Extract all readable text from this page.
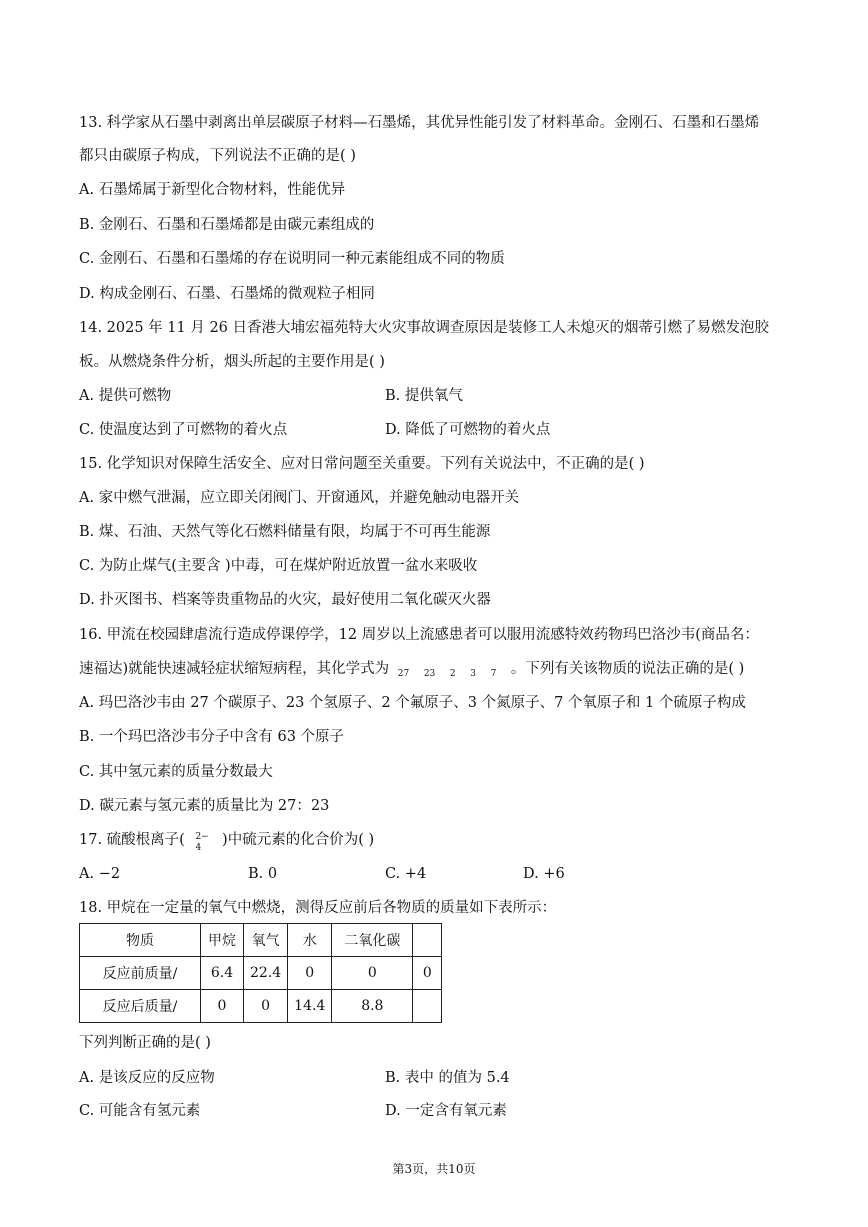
13. 科学家从石墨中剥离出单层碳原子材料—石墨烯，其优异性能引发了材料革命。金刚石、石墨和石墨烯
都只由碳原子构成，下列说法不正确的是( )
A. 石墨烯属于新型化合物材料，性能优异
B. 金刚石、石墨和石墨烯都是由碳元素组成的
C. 金刚石、石墨和石墨烯的存在说明同一种元素能组成不同的物质
D. 构成金刚石、石墨、石墨烯的微观粒子相同
14. 2025 年 11 月 26 日香港大埔宏福苑特大火灾事故调查原因是装修工人未熄灭的烟蒂引燃了易燃发泡胶
板。从燃烧条件分析，烟头所起的主要作用是( )
A. 提供可燃物	B. 提供氧气
C. 使温度达到了可燃物的着火点	D. 降低了可燃物的着火点
15. 化学知识对保障生活安全、应对日常问题至关重要。下列有关说法中，不正确的是( )
A. 家中燃气泄漏，应立即关闭阀门、开窗通风，并避免触动电器开关
B. 煤、石油、天然气等化石燃料储量有限，均属于不可再生能源
C. 为防止煤气(主要含 )中毒，可在煤炉附近放置一盆水来吸收
D. 扑灭图书、档案等贵重物品的火灾，最好使用二氧化碳灭火器
16. 甲流在校园肆虐流行造成停课停学，12 周岁以上流感患者可以服用流感特效药物玛巴洛沙韦(商品名：
速福达)就能快速减轻症状缩短病程，其化学式为 $_{27}$ $_{23}$ $_2$ $_3$ $_7$ 。下列有关该物质的说法正确的是( )
A. 玛巴洛沙韦由 27 个碳原子、23 个氢原子、2 个氟原子、3 个氮原子、7 个氧原子和 1 个硫原子构成
B. 一个玛巴洛沙韦分子中含有 63 个原子
C. 其中氢元素的质量分数最大
D. 碳元素与氢元素的质量比为 27：23
17. 硫酸根离子( 2−
4 )中硫元素的化合价为( )
A. −2	B. 0	C. +4	D. +6
18. 甲烷在一定量的氧气中燃烧，测得反应前后各物质的质量如下表所示：
物质	甲烷	氧气	水	二氧化碳	
反应前质量/	6.4	22.4	0	0	0
反应后质量/	0	0	14.4	8.8	
下列判断正确的是( )
A. 是该反应的反应物	B. 表中 的值为 5.4
C. 可能含有氢元素	D. 一定含有氧元素
第3页，共10页
